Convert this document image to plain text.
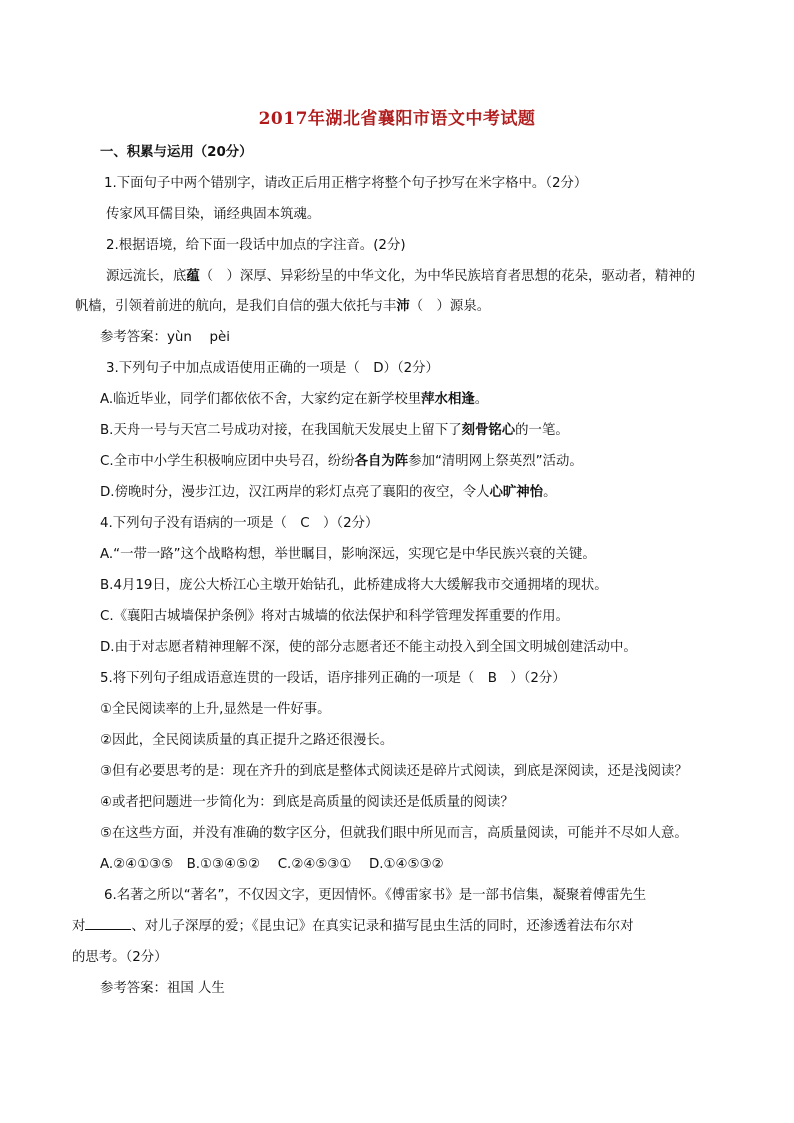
2017年湖北省襄阳市语文中考试题
一、积累与运用（20分）
1.下面句子中两个错别字，请改正后用正楷字将整个句子抄写在米字格中。（2分）
传家风耳儒目染，诵经典固本筑魂。
2.根据语境，给下面一段话中加点的字注音。(2分)
源远流长，底蕴（　）深厚、异彩纷呈的中华文化，为中华民族培育者思想的花朵，驱动者，精神的
帆樯，引领着前进的航向，是我们自信的强大依托与丰沛（　）源泉。
参考答案：yùn　 pèi
3.下列句子中加点成语使用正确的一项是（　D）（2分）
A.临近毕业，同学们都依依不舍，大家约定在新学校里萍水相逢。
B.天舟一号与天宫二号成功对接，在我国航天发展史上留下了刻骨铭心的一笔。
C.全市中小学生积极响应团中央号召，纷纷各自为阵参加“清明网上祭英烈”活动。
D.傍晚时分，漫步江边，汉江两岸的彩灯点亮了襄阳的夜空，令人心旷神怡。
4.下列句子没有语病的一项是（　C　）（2分）
A.“一带一路”这个战略构想，举世瞩目，影响深远，实现它是中华民族兴衰的关键。
B.4月19日，庞公大桥江心主墩开始钻孔，此桥建成将大大缓解我市交通拥堵的现状。
C.《襄阳古城墙保护条例》将对古城墙的依法保护和科学管理发挥重要的作用。
D.由于对志愿者精神理解不深，使的部分志愿者还不能主动投入到全国文明城创建活动中。
5.将下列句子组成语意连贯的一段话，语序排列正确的一项是（　B　）（2分）
①全民阅读率的上升,显然是一件好事。
②因此，全民阅读质量的真正提升之路还很漫长。
③但有必要思考的是：现在齐升的到底是整体式阅读还是碎片式阅读，到底是深阅读，还是浅阅读？
④或者把问题进一步简化为：到底是高质量的阅读还是低质量的阅读？
⑤在这些方面，并没有准确的数字区分，但就我们眼中所见而言，高质量阅读，可能并不尽如人意。
A.②④①③⑤　B.①③④⑤②　 C.②④⑤③①　 D.①④⑤③②
6.名著之所以“著名”，不仅因文字，更因情怀。《傅雷家书》是一部书信集，凝聚着傅雷先生
对	、对儿子深厚的爱；《昆虫记》在真实记录和描写昆虫生活的同时，还渗透着法布尔对
的思考。（2分）
参考答案：祖国 人生
